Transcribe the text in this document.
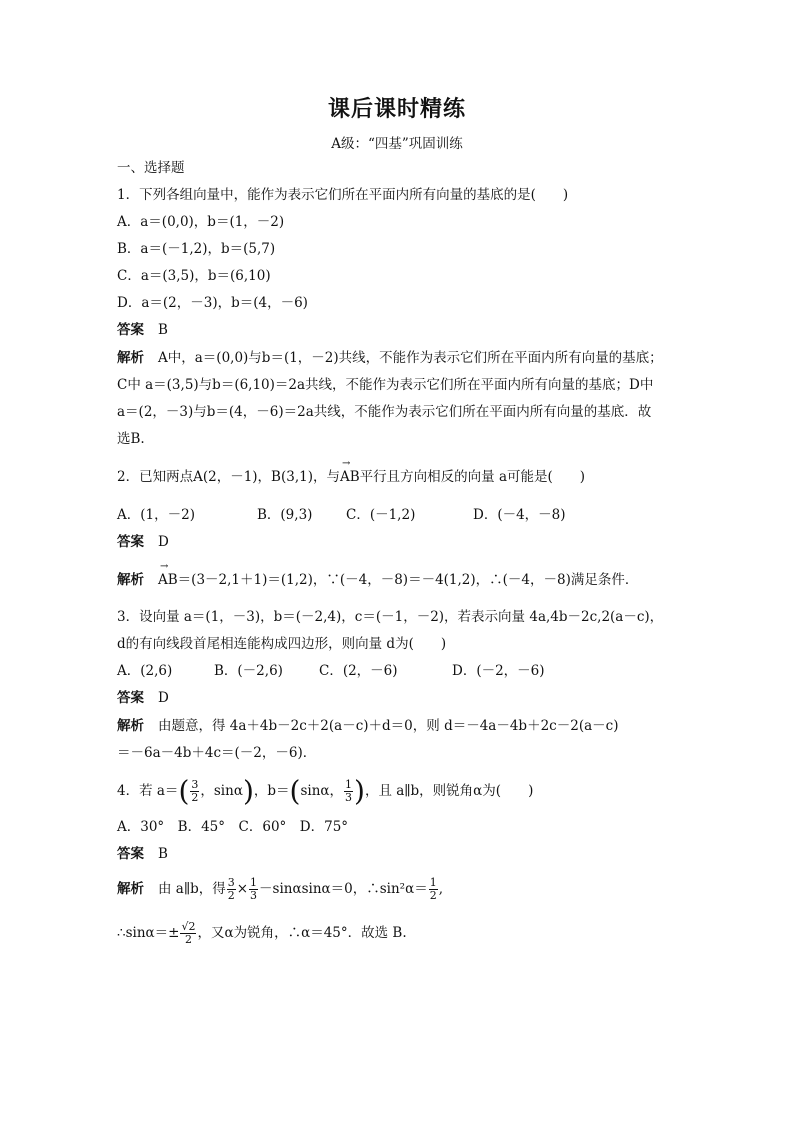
课后课时精练
A级：“四基”巩固训练
一、选择题
1．下列各组向量中，能作为表示它们所在平面内所有向量的基底的是(　　)
A．a＝(0,0)，b＝(1，－2)
B．a＝(－1,2)，b＝(5,7)
C．a＝(3,5)，b＝(6,10)
D．a＝(2，－3)，b＝(4，－6)
答案 B
解析 A中，a＝(0,0)与b＝(1，－2)共线，不能作为表示它们所在平面内所有向量的基底；
C中 a＝(3,5)与b＝(6,10)＝2a共线，不能作为表示它们所在平面内所有向量的基底；D中
a＝(2，－3)与b＝(4，－6)＝2a共线，不能作为表示它们所在平面内所有向量的基底．故
选B.
2．已知两点A(2，－1)，B(3,1)，与→ AB平行且方向相反的向量 a可能是(　　)
A．(1，－2)	B．(9,3) C．(－1,2)	D．(－4，－8)
答案 D
解析→ AB＝(3－2,1＋1)＝(1,2)，∵(－4，－8)＝－4(1,2)，∴(－4，－8)满足条件．
3．设向量 a＝(1，－3)，b＝(－2,4)，c＝(－1，－2)，若表示向量 4a,4b－2c,2(a－c)，
d的有向线段首尾相连能构成四边形，则向量 d为(　　)
A．(2,6)	B．(－2,6)	C．(2，－6)	D．(－2，－6)
答案 D
解析 由题意，得 4a＋4b－2c＋2(a－c)＋d＝0，则 d＝－4a－4b＋2c－2(a－c)
＝－6a－4b＋4c＝(－2，－6)．
4．若 $a=( \frac{3}{2}$ ，sinα)，b＝(sinα， $\frac{1}{3}$ )，且 a∥b，则锐角α为(　　)
A．30°　B．45°　C．60°　D．75°
答案 B
解析 由 a∥b，得 $\frac{3}{2} \times \frac{1}{3} -\sin\alpha\sin\alpha=0$，∴sin²α＝ $\frac{1}{2}$ ,
∴sinα＝± $\frac{√2}{2}$ ，又α为锐角，∴α＝45°．故选 B.
